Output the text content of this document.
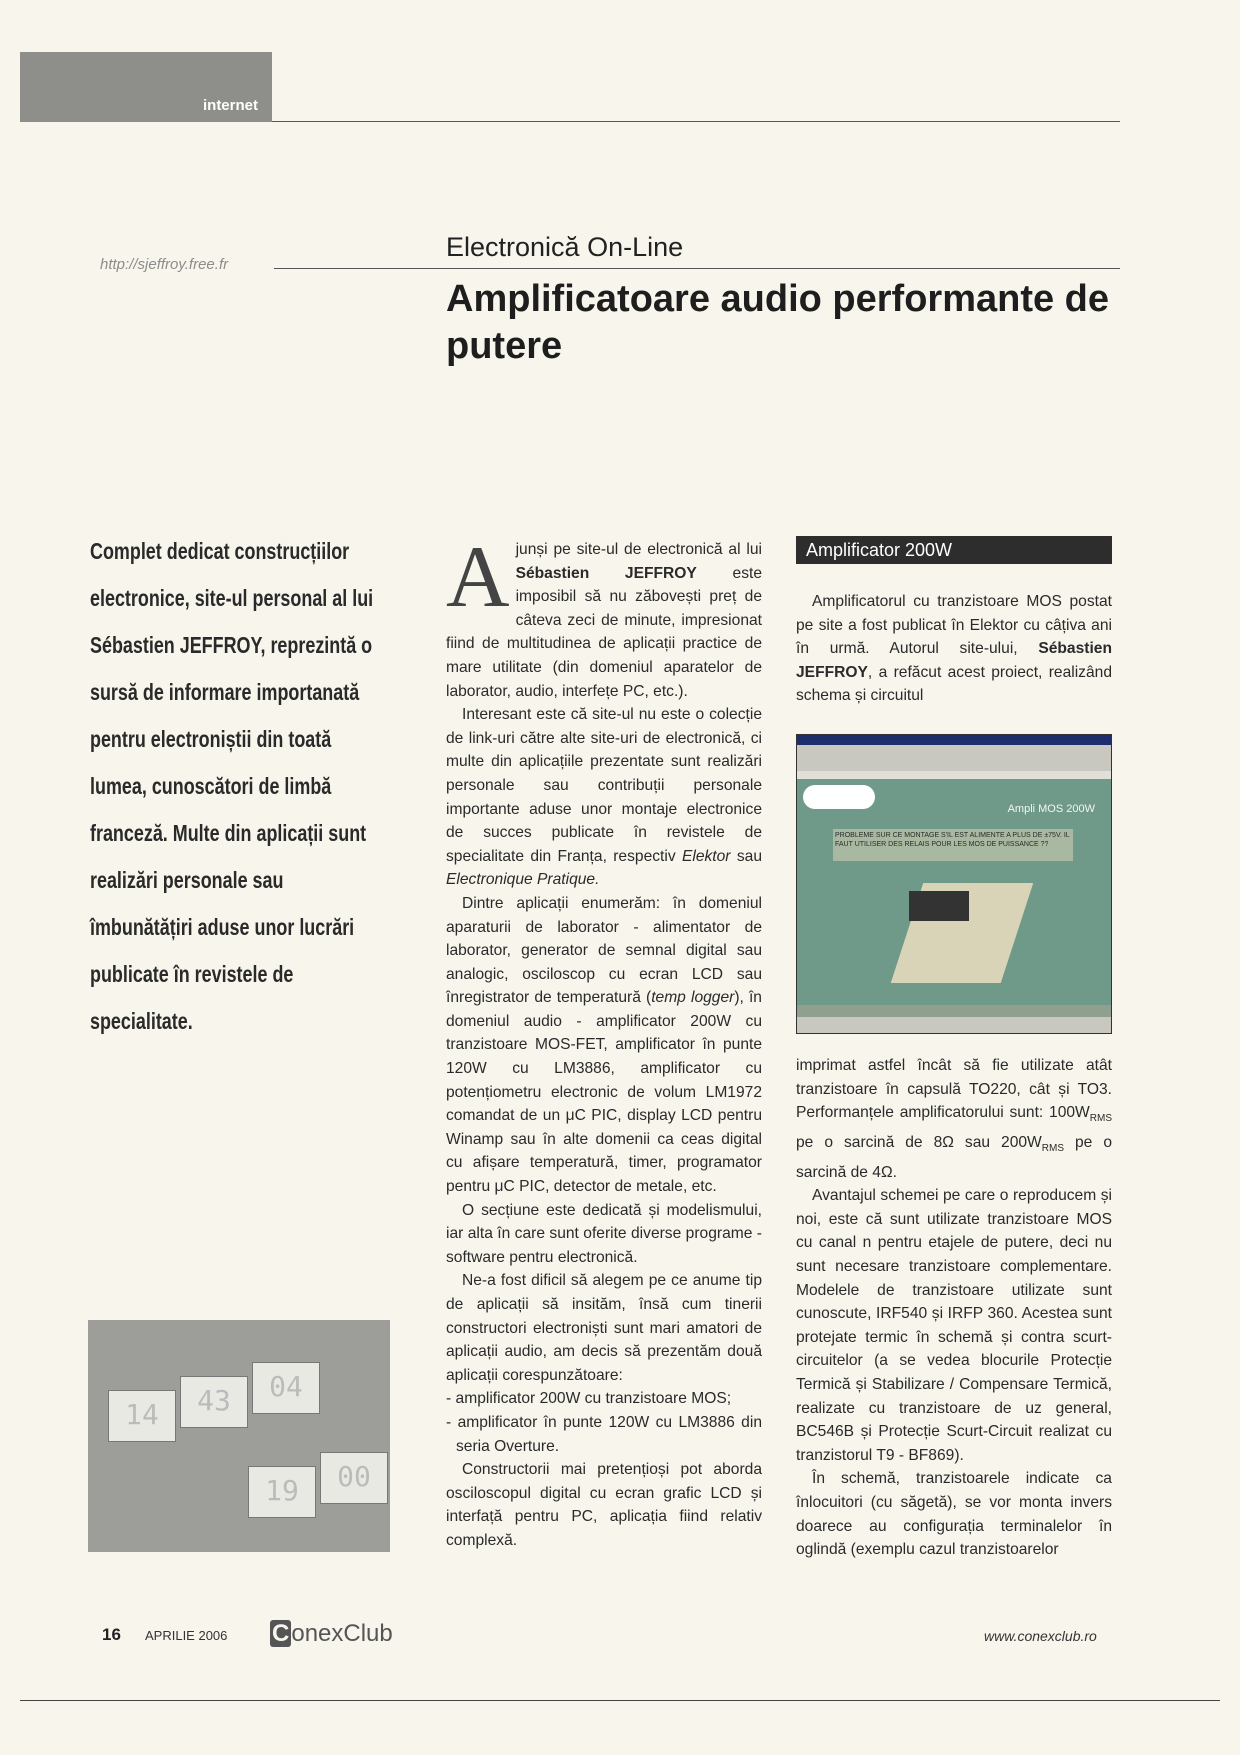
internet
http://sjeffroy.free.fr
Electronică On-Line
Amplificatoare audio performante de putere
Complet dedicat construcțiilor electronice, site-ul personal al lui Sébastien JEFFROY, reprezintă o sursă de informare importanată pentru electroniștii din toată lumea, cunoscători de limbă franceză. Multe din aplicații sunt realizări personale sau îmbunătățiri aduse unor lucrări publicate în revistele de specialitate.

Ajunși pe site-ul de electronică al lui Sébastien JEFFROY este imposibil să nu zăbovești preț de câteva zeci de minute, impresionat fiind de multitudinea de aplicații practice de mare utilitate (din domeniul aparatelor de laborator, audio, interfețe PC, etc.).

Interesant este că site-ul nu este o colecție de link-uri către alte site-uri de electronică, ci multe din aplicațiile prezentate sunt realizări personale sau contribuții personale importante aduse unor montaje electronice de succes publicate în revistele de specialitate din Franța, respectiv Elektor sau Electronique Pratique.

Dintre aplicații enumerăm: în domeniul aparaturii de laborator - alimentator de laborator, generator de semnal digital sau analogic, osciloscop cu ecran LCD sau înregistrator de temperatură (temp logger), în domeniul audio - amplificator 200W cu tranzistoare MOS-FET, amplificator în punte 120W cu LM3886, amplificator cu potențiometru electronic de volum LM1972 comandat de un μC PIC, display LCD pentru Winamp sau în alte domenii ca ceas digital cu afișare temperatură, timer, programator pentru μC PIC, detector de metale, etc.

O secțiune este dedicată și modelismului, iar alta în care sunt oferite diverse programe - software pentru electronică.

Ne-a fost dificil să alegem pe ce anume tip de aplicații să insităm, însă cum tinerii constructori electroniști sunt mari amatori de aplicații audio, am decis să prezentăm două aplicații corespunzătoare:

- amplificator 200W cu tranzistoare MOS;

- amplificator în punte 120W cu LM3886 din seria Overture.

Constructorii mai pretențioși pot aborda osciloscopul digital cu ecran grafic LCD și interfață pentru PC, aplicația fiind relativ complexă.

Amplificator 200W

Amplificatorul cu tranzistoare MOS postat pe site a fost publicat în Elektor cu câțiva ani în urmă. Autorul site-ului, Sébastien JEFFROY, a refăcut acest proiect, realizând schema și circuitul

Ampli MOS 200W
PROBLEME SUR CE MONTAGE S'IL EST ALIMENTE A PLUS DE ±75V. IL FAUT UTILISER DES RELAIS POUR LES MOS DE PUISSANCE ??

imprimat astfel încât să fie utilizate atât tranzistoare în capsulă TO220, cât și TO3. Performanțele amplificatorului sunt: $100W_{RMS}$ pe o sarcină de 8Ω sau $200W_{RMS}$ pe o sarcină de 4Ω.

Avantajul schemei pe care o reproducem și noi, este că sunt utilizate tranzistoare MOS cu canal n pentru etajele de putere, deci nu sunt necesare tranzistoare complementare. Modelele de tranzistoare utilizate sunt cunoscute, IRF540 și IRFP 360. Acestea sunt protejate termic în schemă și contra scurt-circuitelor (a se vedea blocurile Protecție Termică și Stabilizare / Compensare Termică, realizate cu tranzistoare de uz general, BC546B și Protecție Scurt-Circuit realizat cu tranzistorul T9 - BF869).

În schemă, tranzistoarele indicate ca înlocuitori (cu săgetă), se vor monta invers doarece au configurația terminalelor în oglindă (exemplu cazul tranzistoarelor

14	43	04
19	00
16 APRILIE 2006 ConexClub	www.conexclub.ro
